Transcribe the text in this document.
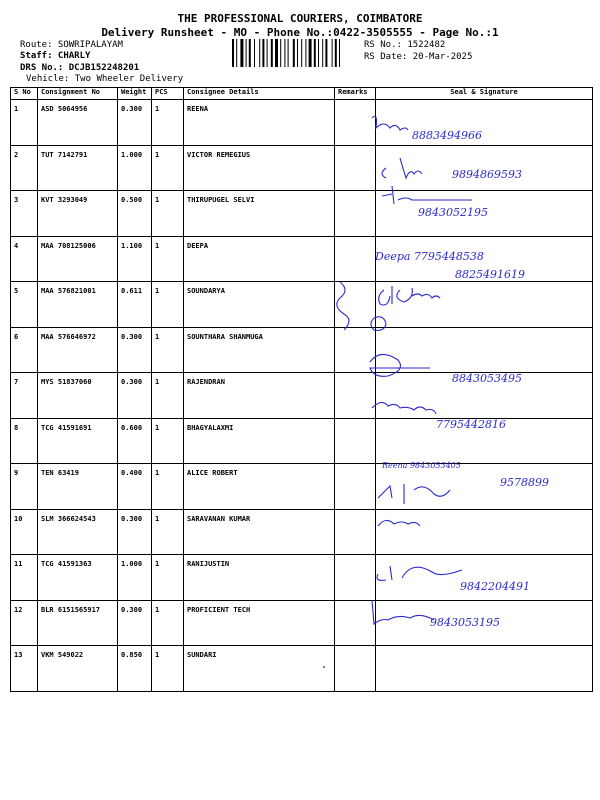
THE PROFESSIONAL COURIERS, COIMBATORE
Delivery Runsheet - MO - Phone No.:0422-3505555 - Page No.:1
Route: SOWRIPALAYAM
Staff: CHARLY
DRS No.: DCJB152248201
Vehicle: Two Wheeler Delivery
RS No.: 1522482
RS Date: 20-Mar-2025
S No	Consignment No	Weight	PCS	Consignee Details	Remarks	Seal & Signature
1	ASD 5064956	0.300	1	REENA		
2	TUT 7142791	1.000	1	VICTOR REMEGIUS		
3	KVT 3293049	0.500	1	THIRUPUGEL SELVI		
4	MAA 708125006	1.100	1	DEEPA		
5	MAA 576821001	0.611	1	SOUNDARYA		
6	MAA 576646972	0.300	1	SOUNTHARA SHANMUGA		
7	MYS 51837060	0.300	1	RAJENDRAN		
8	TCG 41591691	0.600	1	BHAGYALAXMI		
9	TEN 63419	0.400	1	ALICE ROBERT		
10	SLM 366624543	0.300	1	SARAVANAN KUMAR		
11	TCG 41591363	1.000	1	RANIJUSTIN		
12	BLR 6151565917	0.300	1	PROFICIENT TECH		
13	VKM 549022	0.850	1	SUNDARI		
8883494966
9894869593
9843052195
Deepa 7795448538
8825491619
8843053495
7795442816
Reena 9843053405
9578899
9842204491
9843053195
